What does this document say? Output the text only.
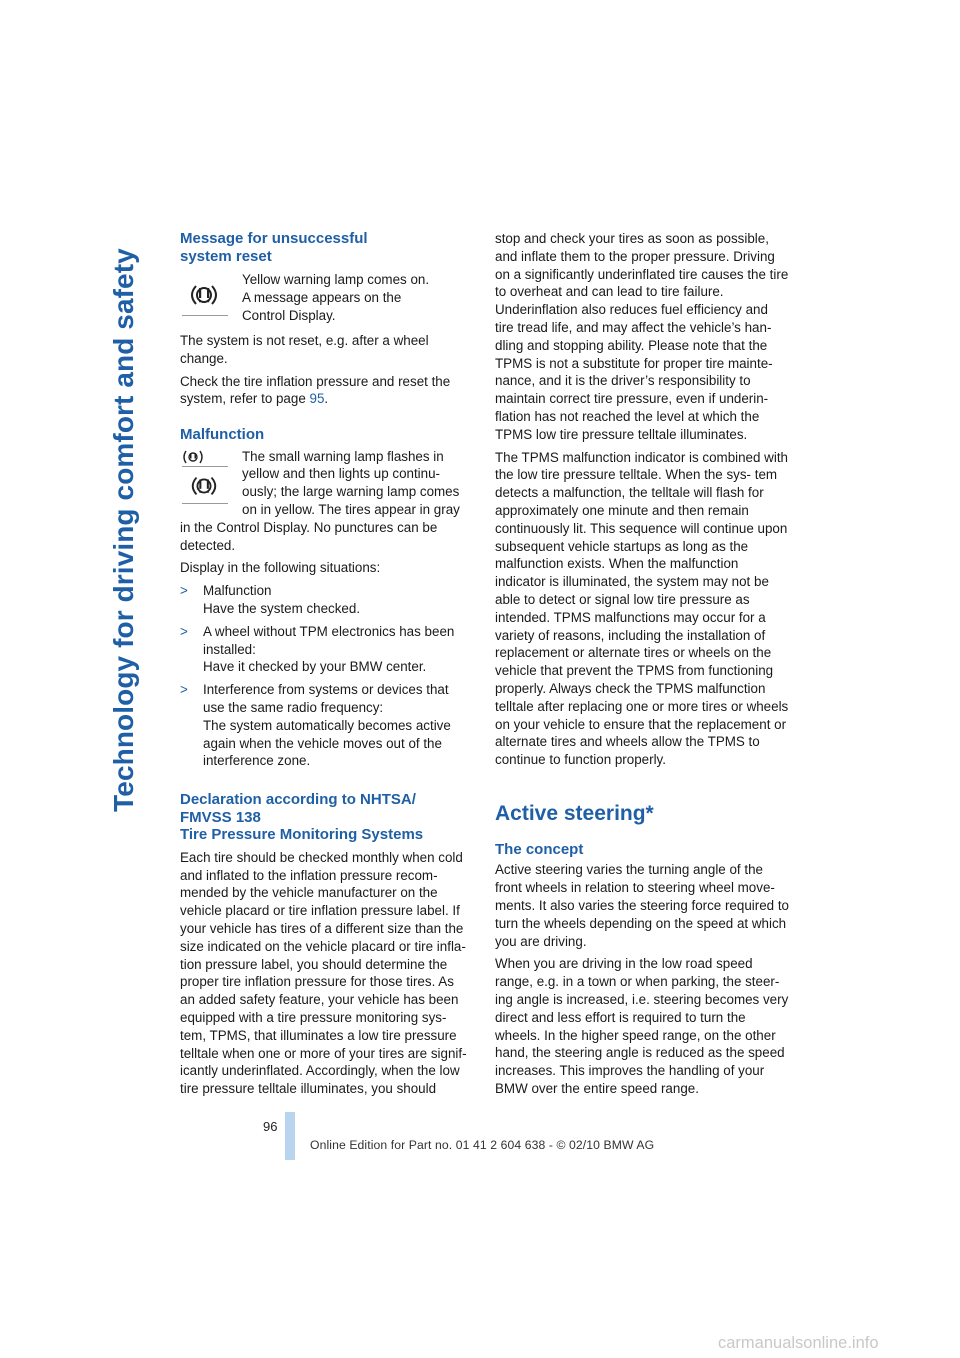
Technology for driving comfort and safety
Message for unsuccessful
system reset

Yellow warning lamp comes on.
A message appears on the
Control Display.

The system is not reset, e.g. after a wheel change.

Check the tire inflation pressure and reset the system, refer to page 95.

Malfunction

The small warning lamp flashes in

yellow and then lights up continu-

ously; the large warning lamp comes

on in yellow. The tires appear in gray

in the Control Display. No punctures can be detected.

Display in the following situations:

> Malfunction
Have the system checked.
> A wheel without TPM electronics has been installed:
Have it checked by your BMW center.
> Interference from systems or devices that use the same radio frequency:
The system automatically becomes active again when the vehicle moves out of the interference zone.
Declaration according to NHTSA/
FMVSS 138
Tire Pressure Monitoring Systems

Each tire should be checked monthly when cold and inflated to the inflation pressure recom- mended by the vehicle manufacturer on the vehicle placard or tire inflation pressure label. If your vehicle has tires of a different size than the size indicated on the vehicle placard or tire infla- tion pressure label, you should determine the proper tire inflation pressure for those tires. As an added safety feature, your vehicle has been equipped with a tire pressure monitoring sys- tem, TPMS, that illuminates a low tire pressure telltale when one or more of your tires are signif- icantly underinflated. Accordingly, when the low tire pressure telltale illuminates, you should

stop and check your tires as soon as possible, and inflate them to the proper pressure. Driving on a significantly underinflated tire causes the tire to overheat and can lead to tire failure. Underinflation also reduces fuel efficiency and tire tread life, and may affect the vehicle’s han- dling and stopping ability. Please note that the TPMS is not a substitute for proper tire mainte- nance, and it is the driver’s responsibility to maintain correct tire pressure, even if underin- flation has not reached the level at which the TPMS low tire pressure telltale illuminates.

The TPMS malfunction indicator is combined with the low tire pressure telltale. When the sys- tem detects a malfunction, the telltale will flash for approximately one minute and then remain continuously lit. This sequence will continue upon subsequent vehicle startups as long as the malfunction exists. When the malfunction indicator is illuminated, the system may not be able to detect or signal low tire pressure as intended. TPMS malfunctions may occur for a variety of reasons, including the installation of replacement or alternate tires or wheels on the vehicle that prevent the TPMS from functioning properly. Always check the TPMS malfunction telltale after replacing one or more tires or wheels on your vehicle to ensure that the replacement or alternate tires and wheels allow the TPMS to continue to function properly.

Active steering*
The concept

Active steering varies the turning angle of the front wheels in relation to steering wheel move- ments. It also varies the steering force required to turn the wheels depending on the speed at which you are driving.

When you are driving in the low road speed range, e.g. in a town or when parking, the steer- ing angle is increased, i.e. steering becomes very direct and less effort is required to turn the wheels. In the higher speed range, on the other hand, the steering angle is reduced as the speed increases. This improves the handling of your BMW over the entire speed range.

96
Online Edition for Part no. 01 41 2 604 638 - © 02/10 BMW AG
carmanualsonline.info
